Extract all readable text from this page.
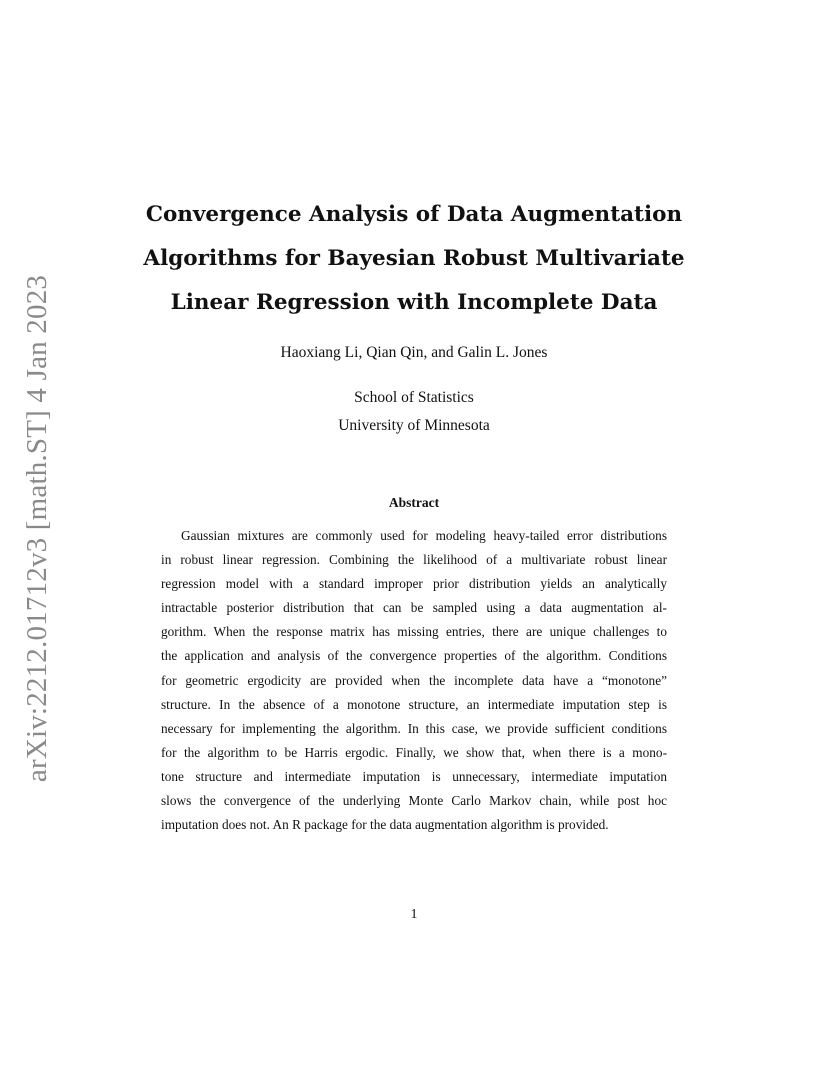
arXiv:2212.01712v3 [math.ST] 4 Jan 2023
Convergence Analysis of Data Augmentation
Algorithms for Bayesian Robust Multivariate
Linear Regression with Incomplete Data
Haoxiang Li, Qian Qin, and Galin L. Jones
School of Statistics
University of Minnesota
Abstract
Gaussian mixtures are commonly used for modeling heavy-tailed error distributions
in robust linear regression. Combining the likelihood of a multivariate robust linear
regression model with a standard improper prior distribution yields an analytically
intractable posterior distribution that can be sampled using a data augmentation al-
gorithm. When the response matrix has missing entries, there are unique challenges to
the application and analysis of the convergence properties of the algorithm. Conditions
for geometric ergodicity are provided when the incomplete data have a “monotone”
structure. In the absence of a monotone structure, an intermediate imputation step is
necessary for implementing the algorithm. In this case, we provide sufficient conditions
for the algorithm to be Harris ergodic. Finally, we show that, when there is a mono-
tone structure and intermediate imputation is unnecessary, intermediate imputation
slows the convergence of the underlying Monte Carlo Markov chain, while post hoc
imputation does not. An R package for the data augmentation algorithm is provided.
1
